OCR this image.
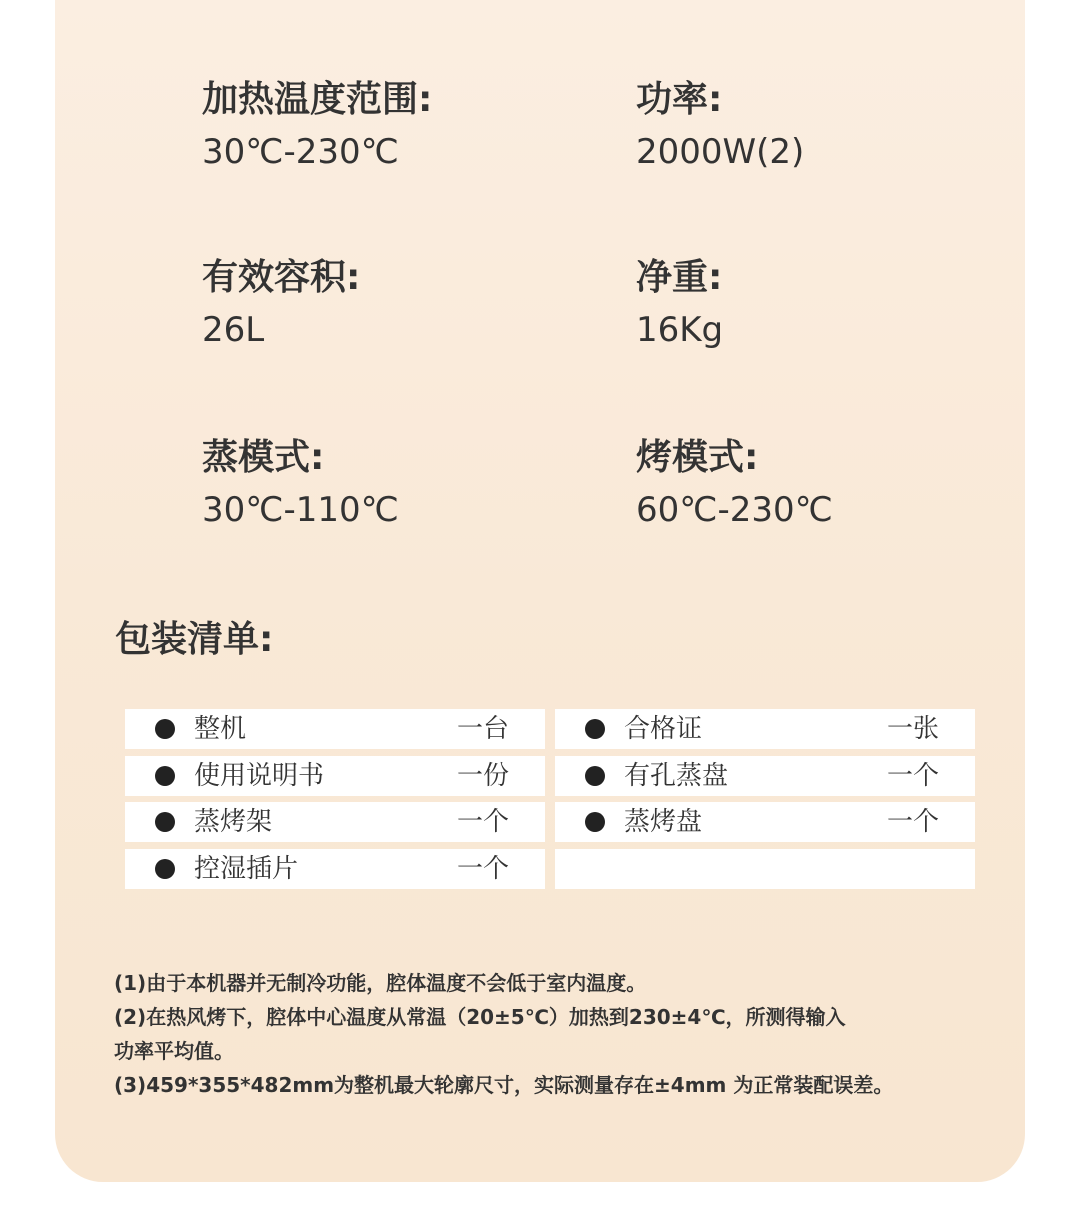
加热温度范围:
30℃-230℃
功率:
2000W(2)
有效容积:
26L
净重:
16Kg
蒸模式:
30℃-110℃
烤模式:
60℃-230℃
包装清单:
整机	一台
使用说明书	一份
蒸烤架	一个
控湿插片	一个
合格证	一张
有孔蒸盘	一个
蒸烤盘	一个
(1)由于本机器并无制冷功能，腔体温度不会低于室内温度。
(2)在热风烤下，腔体中心温度从常温（20±5℃）加热到230±4℃，所测得输入
功率平均值。
(3)459*355*482mm为整机最大轮廓尺寸，实际测量存在±4mm 为正常装配误差。
